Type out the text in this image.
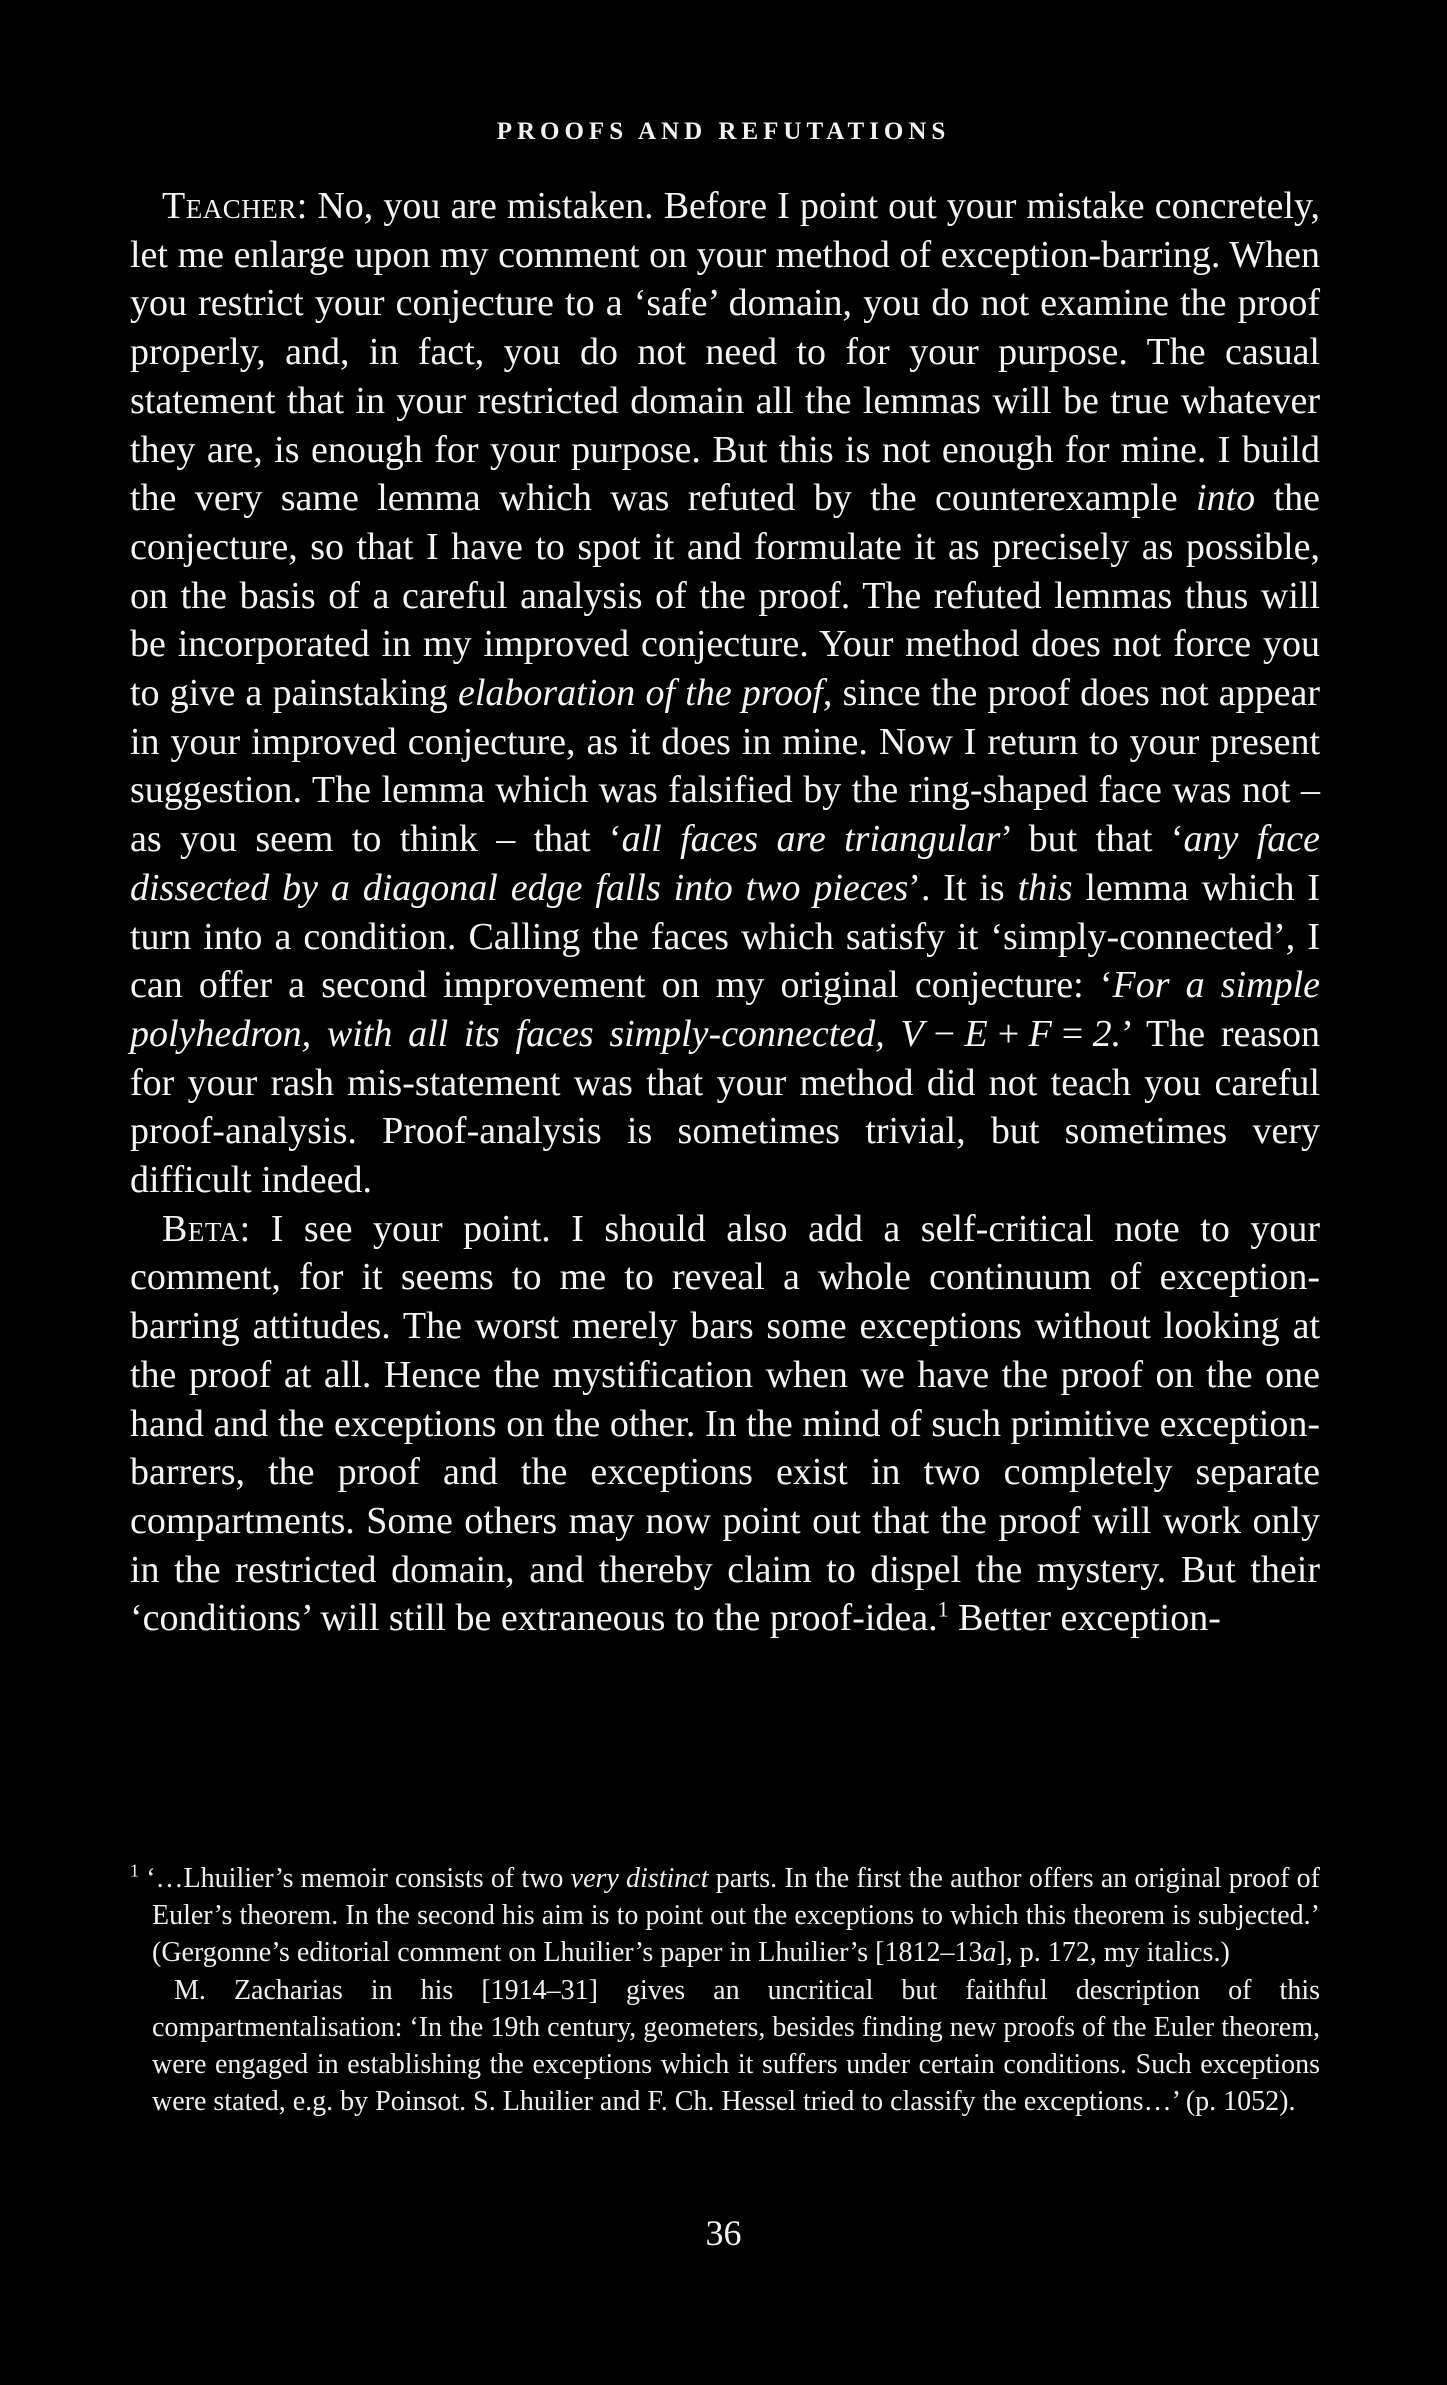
PROOFS AND REFUTATIONS

Teacher: No, you are mistaken. Before I point out your mistake concretely, let me enlarge upon my comment on your method of exception-barring. When you restrict your conjecture to a ‘safe’ domain, you do not examine the proof properly, and, in fact, you do not need to for your purpose. The casual statement that in your restricted domain all the lemmas will be true whatever they are, is enough for your purpose. But this is not enough for mine. I build the very same lemma which was refuted by the counterexample into the conjecture, so that I have to spot it and formulate it as precisely as possible, on the basis of a careful analysis of the proof. The refuted lemmas thus will be incorporated in my improved conjecture. Your method does not force you to give a painstaking elaboration of the proof, since the proof does not appear in your improved conjecture, as it does in mine. Now I return to your present suggestion. The lemma which was falsified by the ring-shaped face was not – as you seem to think – that ‘all faces are triangular’ but that ‘any face dissected by a diagonal edge falls into two pieces’. It is this lemma which I turn into a condition. Calling the faces which satisfy it ‘simply-connected’, I can offer a second improvement on my original conjecture: ‘For a simple polyhedron, with all its faces simply-connected, V − E + F = 2.’ The reason for your rash mis-statement was that your method did not teach you careful proof-analysis. Proof-analysis is sometimes trivial, but sometimes very difficult indeed.

Beta: I see your point. I should also add a self-critical note to your comment, for it seems to me to reveal a whole continuum of exception-barring attitudes. The worst merely bars some exceptions without looking at the proof at all. Hence the mystification when we have the proof on the one hand and the exceptions on the other. In the mind of such primitive exception-barrers, the proof and the exceptions exist in two completely separate compartments. Some others may now point out that the proof will work only in the restricted domain, and thereby claim to dispel the mystery. But their ‘conditions’ will still be extraneous to the proof-idea.$^1$ Better exception-

$^1$ ‘…Lhuilier’s memoir consists of two very distinct parts. In the first the author offers an original proof of Euler’s theorem. In the second his aim is to point out the exceptions to which this theorem is subjected.’ (Gergonne’s editorial comment on Lhuilier’s paper in Lhuilier’s [1812–13a], p. 172, my italics.)

M. Zacharias in his [1914–31] gives an uncritical but faithful description of this compartmentalisation: ‘In the 19th century, geometers, besides finding new proofs of the Euler theorem, were engaged in establishing the exceptions which it suffers under certain conditions. Such exceptions were stated, e.g. by Poinsot. S. Lhuilier and F. Ch. Hessel tried to classify the exceptions…’ (p. 1052).

36
